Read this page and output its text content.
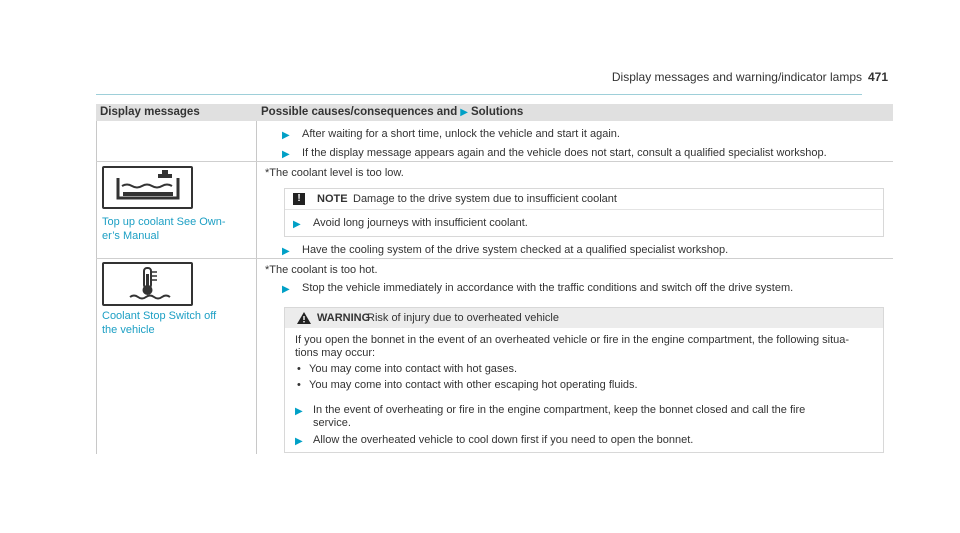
Display messages and warning/indicator lamps 471
Display messages	Possible causes/consequences and ▶ Solutions
▶ After waiting for a short time, unlock the vehicle and start it again.
▶ If the display message appears again and the vehicle does not start, consult a qualified specialist workshop.
Top up coolant See Own-
er’s Manual
*The coolant level is too low.
!	NOTE Damage to the drive system due to insufficient coolant
▶ Avoid long journeys with insufficient coolant.
▶ Have the cooling system of the drive system checked at a qualified specialist workshop.
Coolant Stop Switch off
the vehicle
*The coolant is too hot.
▶ Stop the vehicle immediately in accordance with the traffic conditions and switch off the drive system.
WARNING
Risk of injury due to overheated vehicle
If you open the bonnet in the event of an overheated vehicle or fire in the engine compartment, the following situa-
tions may occur:
• You may come into contact with hot gases.
• You may come into contact with other escaping hot operating fluids.
▶ In the event of overheating or fire in the engine compartment, keep the bonnet closed and call the fire
service.
▶ Allow the overheated vehicle to cool down first if you need to open the bonnet.
